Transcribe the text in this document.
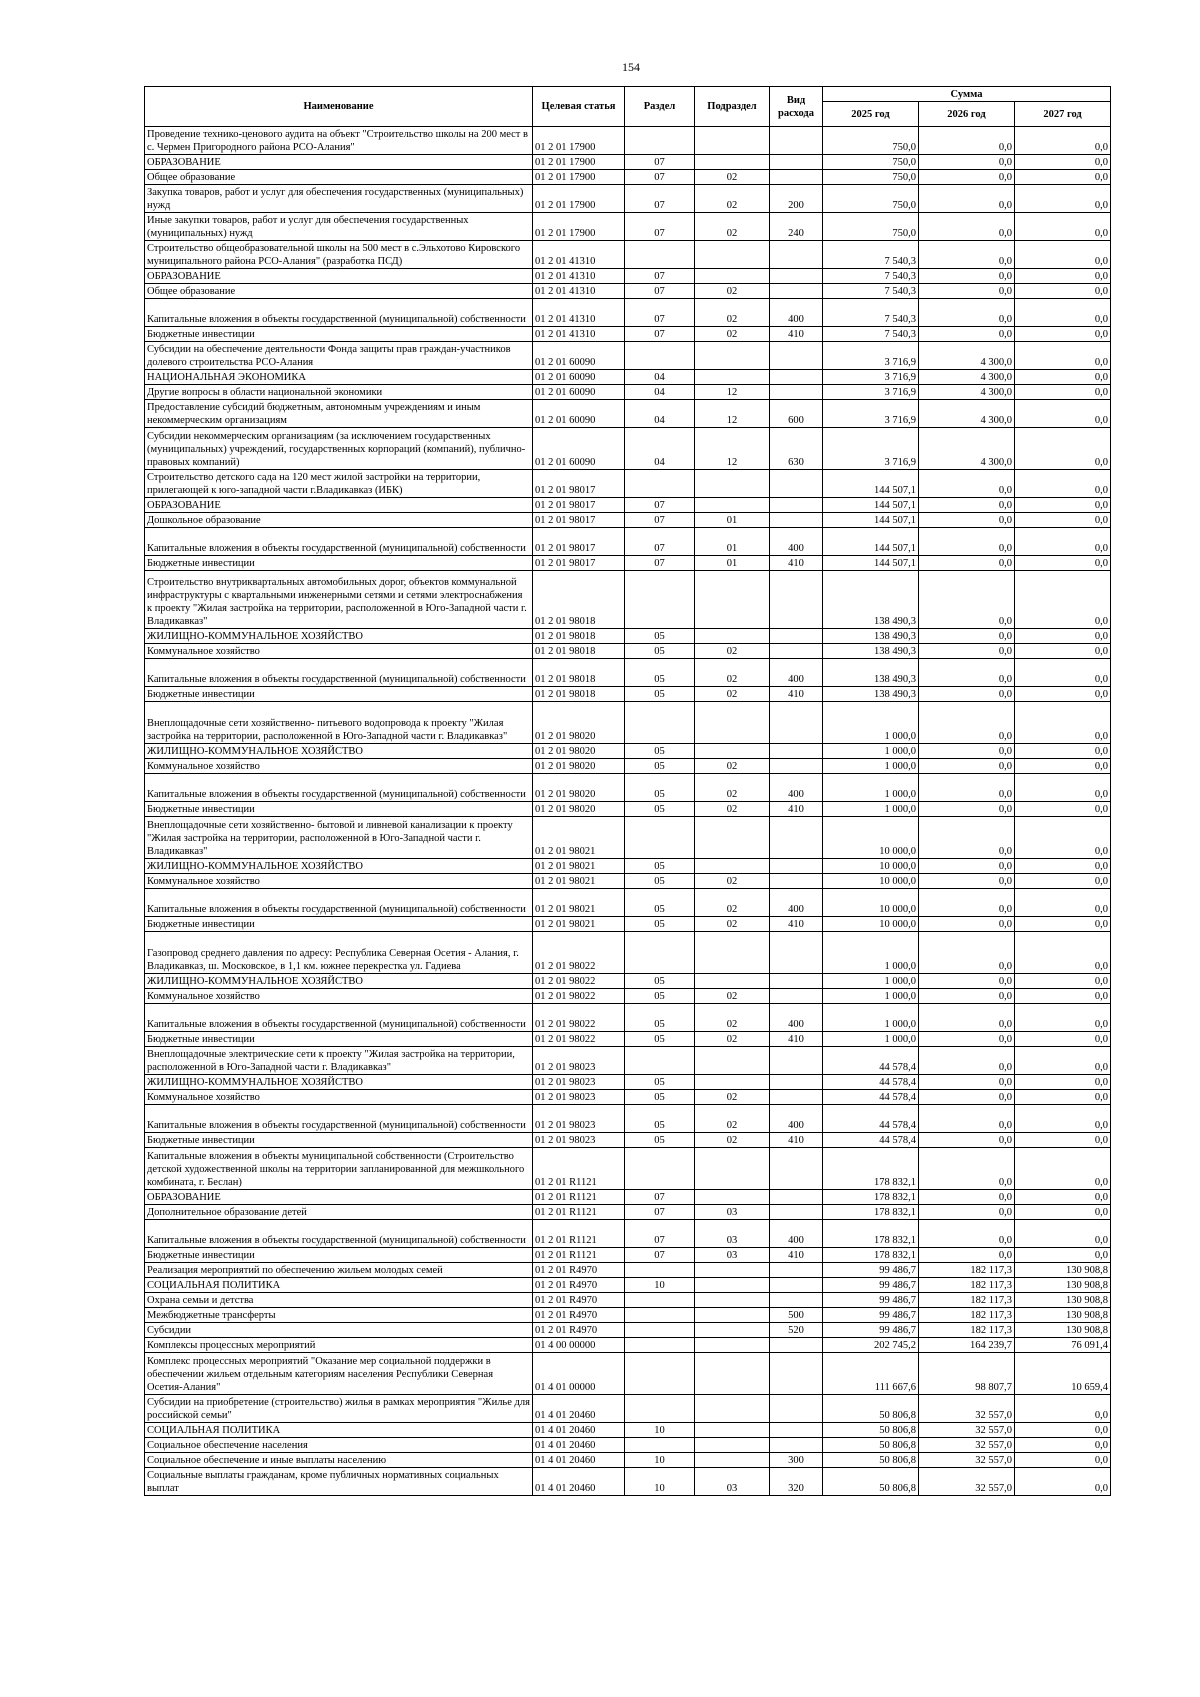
154
Наименование	Целевая статья	Раздел	Подраздел	Вид расхода	Сумма		
					2025 год	2026 год	2027 год
Проведение технико-ценового аудита на объект "Строительство школы на 200 мест в с. Чермен Пригородного района РСО-Алания"	01 2 01 17900				750,0	0,0	0,0
ОБРАЗОВАНИЕ	01 2 01 17900	07			750,0	0,0	0,0
Общее образование	01 2 01 17900	07	02		750,0	0,0	0,0
Закупка товаров, работ и услуг для обеспечения государственных (муниципальных) нужд	01 2 01 17900	07	02	200	750,0	0,0	0,0
Иные закупки товаров, работ и услуг для обеспечения государственных (муниципальных) нужд	01 2 01 17900	07	02	240	750,0	0,0	0,0
Строительство общеобразовательной школы на 500 мест в с.Эльхотово Кировского муниципального района РСО-Алания" (разработка ПСД)	01 2 01 41310				7 540,3	0,0	0,0
ОБРАЗОВАНИЕ	01 2 01 41310	07			7 540,3	0,0	0,0
Общее образование	01 2 01 41310	07	02		7 540,3	0,0	0,0
Капитальные вложения в объекты государственной (муниципальной) собственности	01 2 01 41310	07	02	400	7 540,3	0,0	0,0
Бюджетные инвестиции	01 2 01 41310	07	02	410	7 540,3	0,0	0,0
Субсидии на обеспечение деятельности Фонда защиты прав граждан-участников долевого строительства РСО-Алания	01 2 01 60090				3 716,9	4 300,0	0,0
НАЦИОНАЛЬНАЯ ЭКОНОМИКА	01 2 01 60090	04			3 716,9	4 300,0	0,0
Другие вопросы в области национальной экономики	01 2 01 60090	04	12		3 716,9	4 300,0	0,0
Предоставление субсидий бюджетным, автономным учреждениям и иным некоммерческим организациям	01 2 01 60090	04	12	600	3 716,9	4 300,0	0,0
Субсидии некоммерческим организациям (за исключением государственных (муниципальных) учреждений, государственных корпораций (компаний), публично-правовых компаний)	01 2 01 60090	04	12	630	3 716,9	4 300,0	0,0
Строительство детского сада на 120 мест жилой застройки на территории, прилегающей к юго-западной части г.Владикавказ (ИБК)	01 2 01 98017				144 507,1	0,0	0,0
ОБРАЗОВАНИЕ	01 2 01 98017	07			144 507,1	0,0	0,0
Дошкольное образование	01 2 01 98017	07	01		144 507,1	0,0	0,0
Капитальные вложения в объекты государственной (муниципальной) собственности	01 2 01 98017	07	01	400	144 507,1	0,0	0,0
Бюджетные инвестиции	01 2 01 98017	07	01	410	144 507,1	0,0	0,0
Строительство внутриквартальных автомобильных дорог, объектов коммунальной инфраструктуры с квартальными инженерными сетями и сетями электроснабжения к проекту "Жилая застройка на территории, расположенной в Юго-Западной части г. Владикавказ"	01 2 01 98018				138 490,3	0,0	0,0
ЖИЛИЩНО-КОММУНАЛЬНОЕ ХОЗЯЙСТВО	01 2 01 98018	05			138 490,3	0,0	0,0
Коммунальное хозяйство	01 2 01 98018	05	02		138 490,3	0,0	0,0
Капитальные вложения в объекты государственной (муниципальной) собственности	01 2 01 98018	05	02	400	138 490,3	0,0	0,0
Бюджетные инвестиции	01 2 01 98018	05	02	410	138 490,3	0,0	0,0
Внеплощадочные сети хозяйственно- питьевого водопровода к проекту "Жилая застройка на территории, расположенной в Юго-Западной части г. Владикавказ"	01 2 01 98020				1 000,0	0,0	0,0
ЖИЛИЩНО-КОММУНАЛЬНОЕ ХОЗЯЙСТВО	01 2 01 98020	05			1 000,0	0,0	0,0
Коммунальное хозяйство	01 2 01 98020	05	02		1 000,0	0,0	0,0
Капитальные вложения в объекты государственной (муниципальной) собственности	01 2 01 98020	05	02	400	1 000,0	0,0	0,0
Бюджетные инвестиции	01 2 01 98020	05	02	410	1 000,0	0,0	0,0
Внеплощадочные сети хозяйственно- бытовой и ливневой канализации к проекту "Жилая застройка на территории, расположенной в Юго-Западной части г. Владикавказ"	01 2 01 98021				10 000,0	0,0	0,0
ЖИЛИЩНО-КОММУНАЛЬНОЕ ХОЗЯЙСТВО	01 2 01 98021	05			10 000,0	0,0	0,0
Коммунальное хозяйство	01 2 01 98021	05	02		10 000,0	0,0	0,0
Капитальные вложения в объекты государственной (муниципальной) собственности	01 2 01 98021	05	02	400	10 000,0	0,0	0,0
Бюджетные инвестиции	01 2 01 98021	05	02	410	10 000,0	0,0	0,0
Газопровод среднего давления по адресу: Республика Северная Осетия - Алания, г. Владикавказ, ш. Московское, в 1,1 км. южнее перекрестка ул. Гадиева	01 2 01 98022				1 000,0	0,0	0,0
ЖИЛИЩНО-КОММУНАЛЬНОЕ ХОЗЯЙСТВО	01 2 01 98022	05			1 000,0	0,0	0,0
Коммунальное хозяйство	01 2 01 98022	05	02		1 000,0	0,0	0,0
Капитальные вложения в объекты государственной (муниципальной) собственности	01 2 01 98022	05	02	400	1 000,0	0,0	0,0
Бюджетные инвестиции	01 2 01 98022	05	02	410	1 000,0	0,0	0,0
Внеплощадочные электрические сети к проекту "Жилая застройка на территории, расположенной в Юго-Западной части г. Владикавказ"	01 2 01 98023				44 578,4	0,0	0,0
ЖИЛИЩНО-КОММУНАЛЬНОЕ ХОЗЯЙСТВО	01 2 01 98023	05			44 578,4	0,0	0,0
Коммунальное хозяйство	01 2 01 98023	05	02		44 578,4	0,0	0,0
Капитальные вложения в объекты государственной (муниципальной) собственности	01 2 01 98023	05	02	400	44 578,4	0,0	0,0
Бюджетные инвестиции	01 2 01 98023	05	02	410	44 578,4	0,0	0,0
Капитальные вложения в объекты муниципальной собственности (Строительство детской художественной школы на территории запланированной для межшкольного комбината, г. Беслан)	01 2 01 R1121				178 832,1	0,0	0,0
ОБРАЗОВАНИЕ	01 2 01 R1121	07			178 832,1	0,0	0,0
Дополнительное образование детей	01 2 01 R1121	07	03		178 832,1	0,0	0,0
Капитальные вложения в объекты государственной (муниципальной) собственности	01 2 01 R1121	07	03	400	178 832,1	0,0	0,0
Бюджетные инвестиции	01 2 01 R1121	07	03	410	178 832,1	0,0	0,0
Реализация мероприятий по обеспечению жильем молодых семей	01 2 01 R4970				99 486,7	182 117,3	130 908,8
СОЦИАЛЬНАЯ ПОЛИТИКА	01 2 01 R4970	10			99 486,7	182 117,3	130 908,8
Охрана семьи и детства	01 2 01 R4970				99 486,7	182 117,3	130 908,8
Межбюджетные трансферты	01 2 01 R4970			500	99 486,7	182 117,3	130 908,8
Субсидии	01 2 01 R4970			520	99 486,7	182 117,3	130 908,8
Комплексы процессных мероприятий	01 4 00 00000				202 745,2	164 239,7	76 091,4
Комплекс процессных мероприятий "Оказание мер социальной поддержки в обеспечении жильем отдельным категориям населения Республики Северная Осетия-Алания"	01 4 01 00000				111 667,6	98 807,7	10 659,4
Субсидии на приобретение (строительство) жилья в рамках мероприятия "Жилье для российской семьи"	01 4 01 20460				50 806,8	32 557,0	0,0
СОЦИАЛЬНАЯ ПОЛИТИКА	01 4 01 20460	10			50 806,8	32 557,0	0,0
Социальное обеспечение населения	01 4 01 20460				50 806,8	32 557,0	0,0
Социальное обеспечение и иные выплаты населению	01 4 01 20460	10		300	50 806,8	32 557,0	0,0
Социальные выплаты гражданам, кроме публичных нормативных социальных выплат	01 4 01 20460	10	03	320	50 806,8	32 557,0	0,0
